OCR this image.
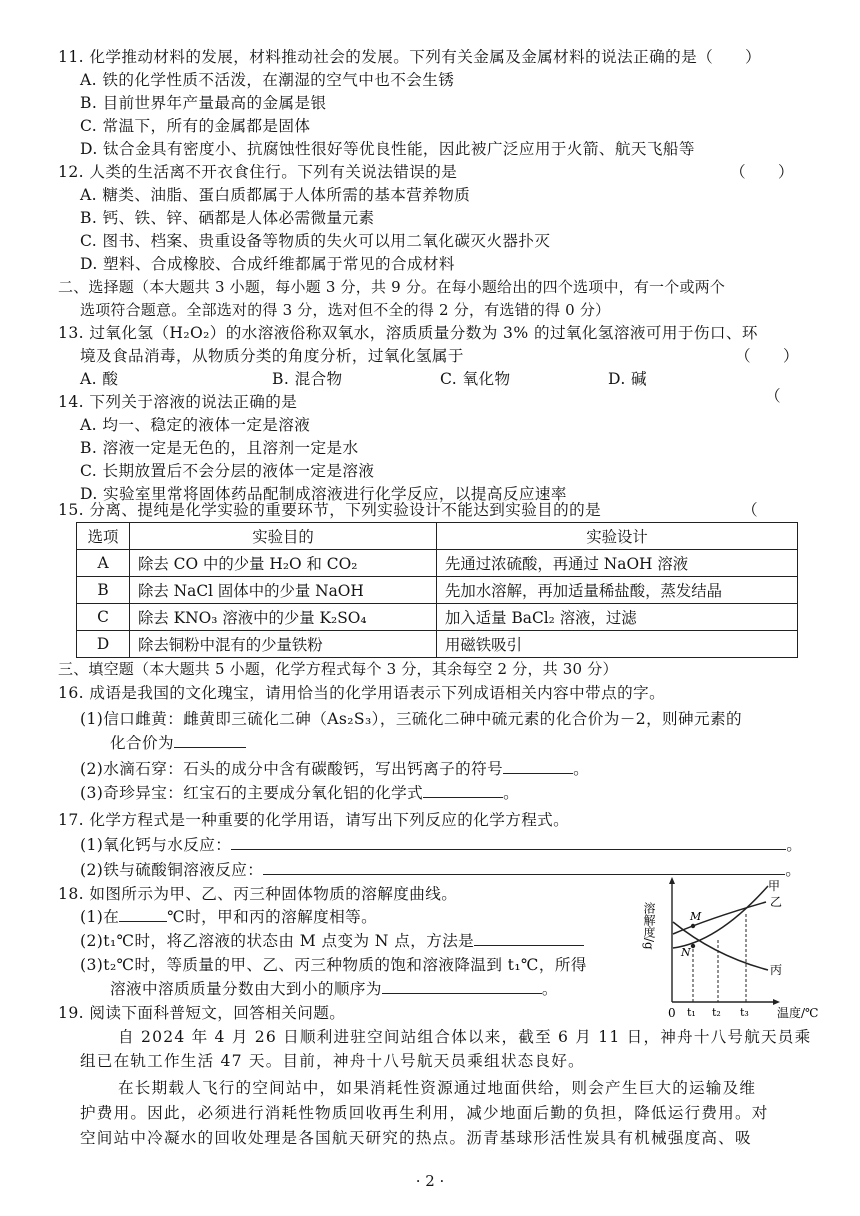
11. 化学推动材料的发展，材料推动社会的发展。下列有关金属及金属材料的说法正确的是（　　）
A. 铁的化学性质不活泼，在潮湿的空气中也不会生锈
B. 目前世界年产量最高的金属是银
C. 常温下，所有的金属都是固体
D. 钛合金具有密度小、抗腐蚀性很好等优良性能，因此被广泛应用于火箭、航天飞船等
12. 人类的生活离不开衣食住行。下列有关说法错误的是	（　　）
A. 糖类、油脂、蛋白质都属于人体所需的基本营养物质
B. 钙、铁、锌、硒都是人体必需微量元素
C. 图书、档案、贵重设备等物质的失火可以用二氧化碳灭火器扑灭
D. 塑料、合成橡胶、合成纤维都属于常见的合成材料
二、选择题（本大题共 3 小题，每小题 3 分，共 9 分。在每小题给出的四个选项中，有一个或两个
选项符合题意。全部选对的得 3 分，选对但不全的得 2 分，有选错的得 0 分）
13. 过氧化氢（H₂O₂）的水溶液俗称双氧水，溶质质量分数为 3% 的过氧化氢溶液可用于伤口、环
境及食品消毒，从物质分类的角度分析，过氧化氢属于	（　　）
A. 酸	B. 混合物	C. 氧化物	D. 碱
14. 下列关于溶液的说法正确的是	（
A. 均一、稳定的液体一定是溶液
B. 溶液一定是无色的，且溶剂一定是水
C. 长期放置后不会分层的液体一定是溶液
D. 实验室里常将固体药品配制成溶液进行化学反应，以提高反应速率
15. 分离、提纯是化学实验的重要环节，下列实验设计不能达到实验目的的是	（
选项	实验目的	实验设计
A	除去 CO 中的少量 H₂O 和 CO₂	先通过浓硫酸，再通过 NaOH 溶液
B	除去 NaCl 固体中的少量 NaOH	先加水溶解，再加适量稀盐酸，蒸发结晶
C	除去 KNO₃ 溶液中的少量 K₂SO₄	加入适量 BaCl₂ 溶液，过滤
D	除去铜粉中混有的少量铁粉	用磁铁吸引
三、填空题（本大题共 5 小题，化学方程式每个 3 分，其余每空 2 分，共 30 分）
16. 成语是我国的文化瑰宝，请用恰当的化学用语表示下列成语相关内容中带点的字。
(1)信口雌黄：雌黄即三硫化二砷（As₂S₃），三硫化二砷中硫元素的化合价为－2，则砷元素的
化合价为
(2)水滴石穿：石头的成分中含有碳酸钙，写出钙离子的符号	。
(3)奇珍异宝：红宝石的主要成分氧化铝的化学式	。
17. 化学方程式是一种重要的化学用语，请写出下列反应的化学方程式。
(1)氧化钙与水反应：	。
(2)铁与硫酸铜溶液反应：	。
18. 如图所示为甲、乙、丙三种固体物质的溶解度曲线。
(1)在	℃时，甲和丙的溶解度相等。
(2)t₁℃时，将乙溶液的状态由 M 点变为 N 点，方法是
(3)t₂℃时，等质量的甲、乙、丙三种物质的饱和溶液降温到 t₁℃，所得
溶液中溶质质量分数由大到小的顺序为	。
溶解度/g
0	温度/℃
t₁ t₂ t₃
甲
乙
丙
M
N
19. 阅读下面科普短文，回答相关问题。
自 2024 年 4 月 26 日顺利进驻空间站组合体以来，截至 6 月 11 日，神舟十八号航天员乘
组已在轨工作生活 47 天。目前，神舟十八号航天员乘组状态良好。
在长期载人飞行的空间站中，如果消耗性资源通过地面供给，则会产生巨大的运输及维
护费用。因此，必须进行消耗性物质回收再生利用，减少地面后勤的负担，降低运行费用。对
空间站中冷凝水的回收处理是各国航天研究的热点。沥青基球形活性炭具有机械强度高、吸
· 2 ·
